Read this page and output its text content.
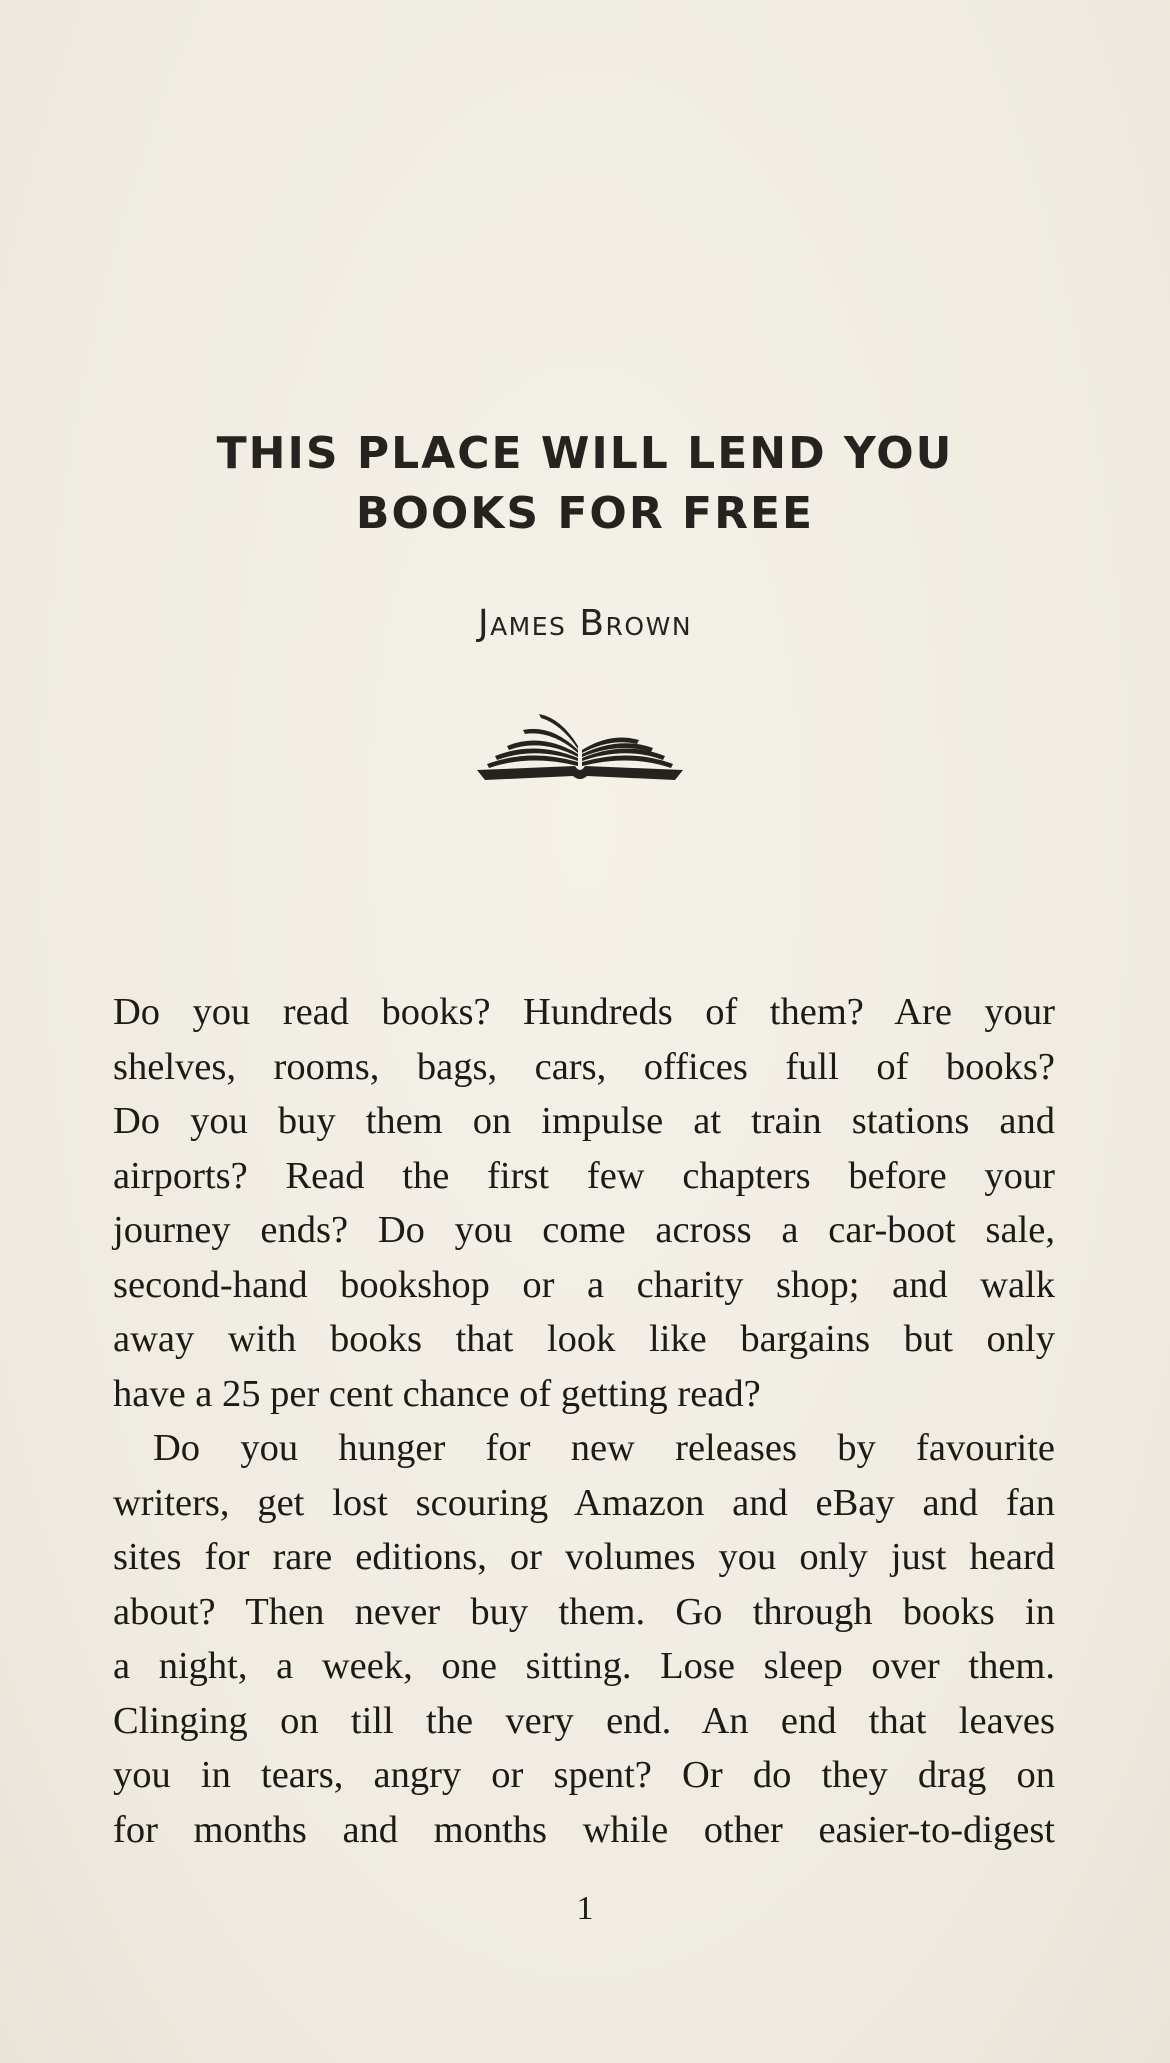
THIS PLACE WILL LEND YOU
BOOKS FOR FREE
James Brown
Do you read books? Hundreds of them? Are your
shelves, rooms, bags, cars, offices full of books?
Do you buy them on impulse at train stations and
airports? Read the first few chapters before your
journey ends? Do you come across a car-boot sale,
second-hand bookshop or a charity shop; and walk
away with books that look like bargains but only
have a 25 per cent chance of getting read?
Do you hunger for new releases by favourite
writers, get lost scouring Amazon and eBay and fan
sites for rare editions, or volumes you only just heard
about? Then never buy them. Go through books in
a night, a week, one sitting. Lose sleep over them.
Clinging on till the very end. An end that leaves
you in tears, angry or spent? Or do they drag on
for months and months while other easier-to-digest
1
